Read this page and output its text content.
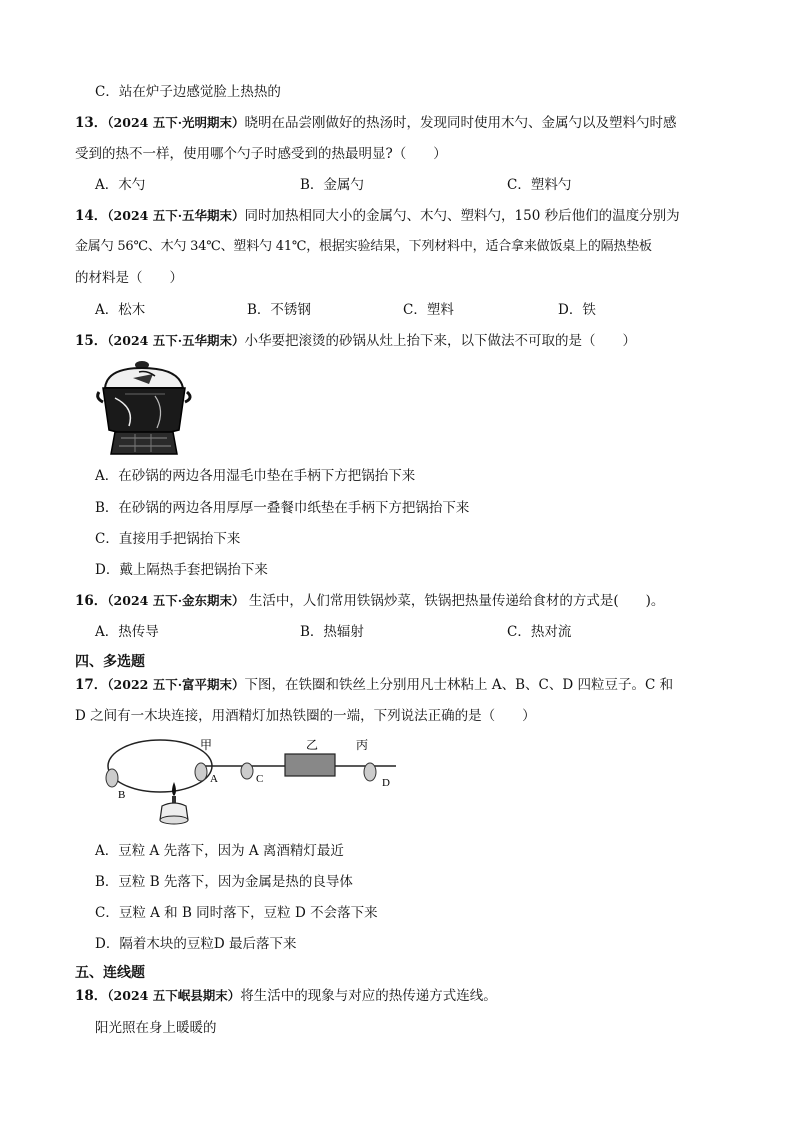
C．站在炉子边感觉脸上热热的
13．（2024 五下·光明期末）晓明在品尝刚做好的热汤时，发现同时使用木勺、金属勺以及塑料勺时感
受到的热不一样，使用哪个勺子时感受到的热最明显?（　　）
A．木勺	B．金属勺	C．塑料勺
14．（2024 五下·五华期末）同时加热相同大小的金属勺、木勺、塑料勺，150 秒后他们的温度分别为
金属勺 56℃、木勺 34℃、塑料勺 41℃，根据实验结果，下列材料中，适合拿来做饭桌上的隔热垫板
的材料是（　　）
A．松木	B．不锈钢	C．塑料	D．铁
15．（2024 五下·五华期末）小华要把滚烫的砂锅从灶上抬下来，以下做法不可取的是（　　）
A．在砂锅的两边各用湿毛巾垫在手柄下方把锅抬下来
B．在砂锅的两边各用厚厚一叠餐巾纸垫在手柄下方把锅抬下来
C．直接用手把锅抬下来
D．戴上隔热手套把锅抬下来
16．（2024 五下·金东期末） 生活中，人们常用铁锅炒菜，铁锅把热量传递给食材的方式是(　　)。
A．热传导	B．热辐射	C．热对流
四、多选题
17．（2022 五下·富平期末）下图，在铁圈和铁丝上分别用凡士林粘上 A、B、C、D 四粒豆子。C 和
D 之间有一木块连接，用酒精灯加热铁圈的一端，下列说法正确的是（　　）
甲	乙	丙
A
B
C	D
A．豆粒 A 先落下，因为 A 离酒精灯最近
B．豆粒 B 先落下，因为金属是热的良导体
C．豆粒 A 和 B 同时落下，豆粒 D 不会落下来
D．隔着木块的豆粒D 最后落下来
五、连线题
18．（2024 五下岷县期末）将生活中的现象与对应的热传递方式连线。
阳光照在身上暖暖的
